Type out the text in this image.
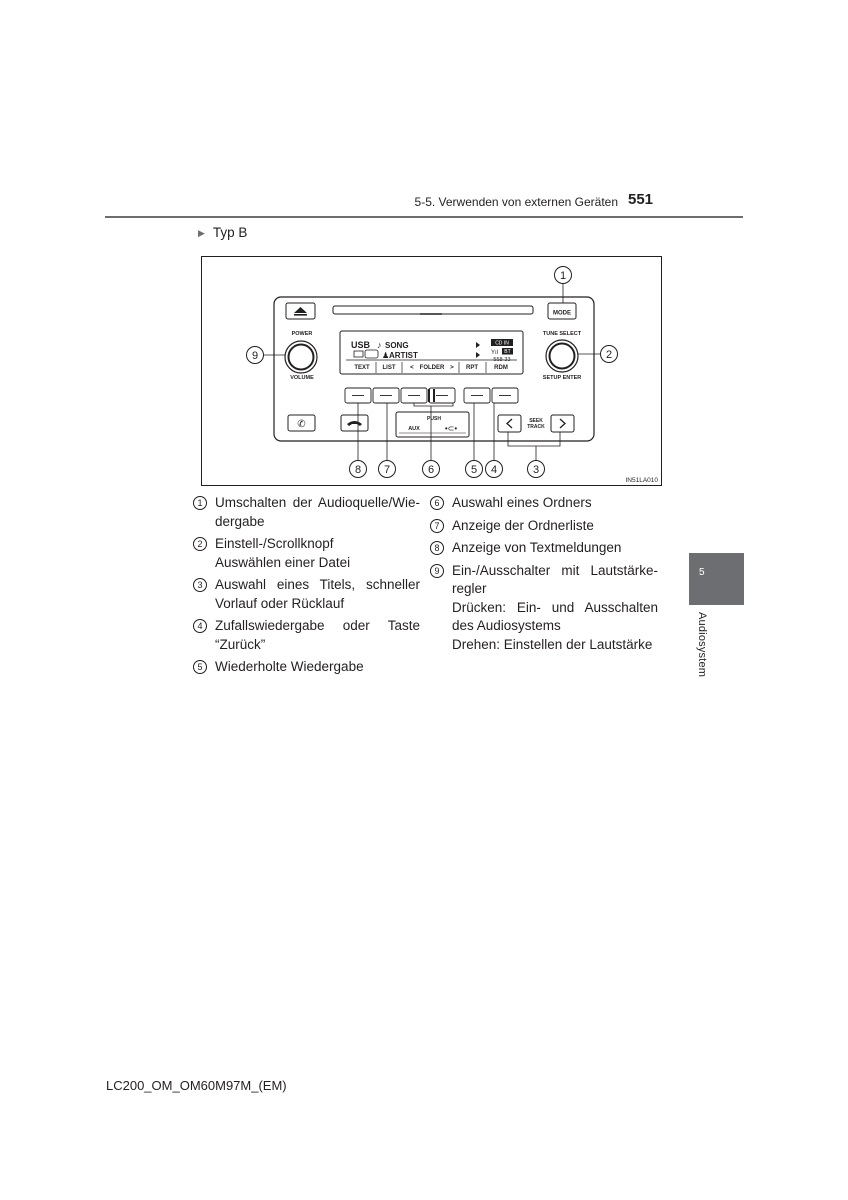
5-5. Verwenden von externen Geräten 551
▶ Typ B
MODE
USB ♪ SONG
♟ ARTIST
CD IN
Yıl BT
558-33
TEXT LIST < FOLDER > RPT	RDM
POWER
VOLUME
TUNE SELECT
SETUP ENTER
✆	PUSH
AUX	•⊂•
SEEK
TRACK
1
2
3
4
5
6
7
8
9
IN51LA010
1 Umschalten der Audioquelle/Wie-
dergabe
2 Einstell-/Scrollknopf
Auswählen einer Datei
3 Auswahl eines Titels, schneller
Vorlauf oder Rücklauf
4 Zufallswiedergabe oder Taste
“Zurück”
5 Wiederholte Wiedergabe
6 Auswahl eines Ordners
7 Anzeige der Ordnerliste
8 Anzeige von Textmeldungen
9 Ein-/Ausschalter mit Lautstärke-
regler
Drücken: Ein- und Ausschalten
des Audiosystems
Drehen: Einstellen der Lautstärke
5
Audiosystem
LC200_OM_OM60M97M_(EM)
